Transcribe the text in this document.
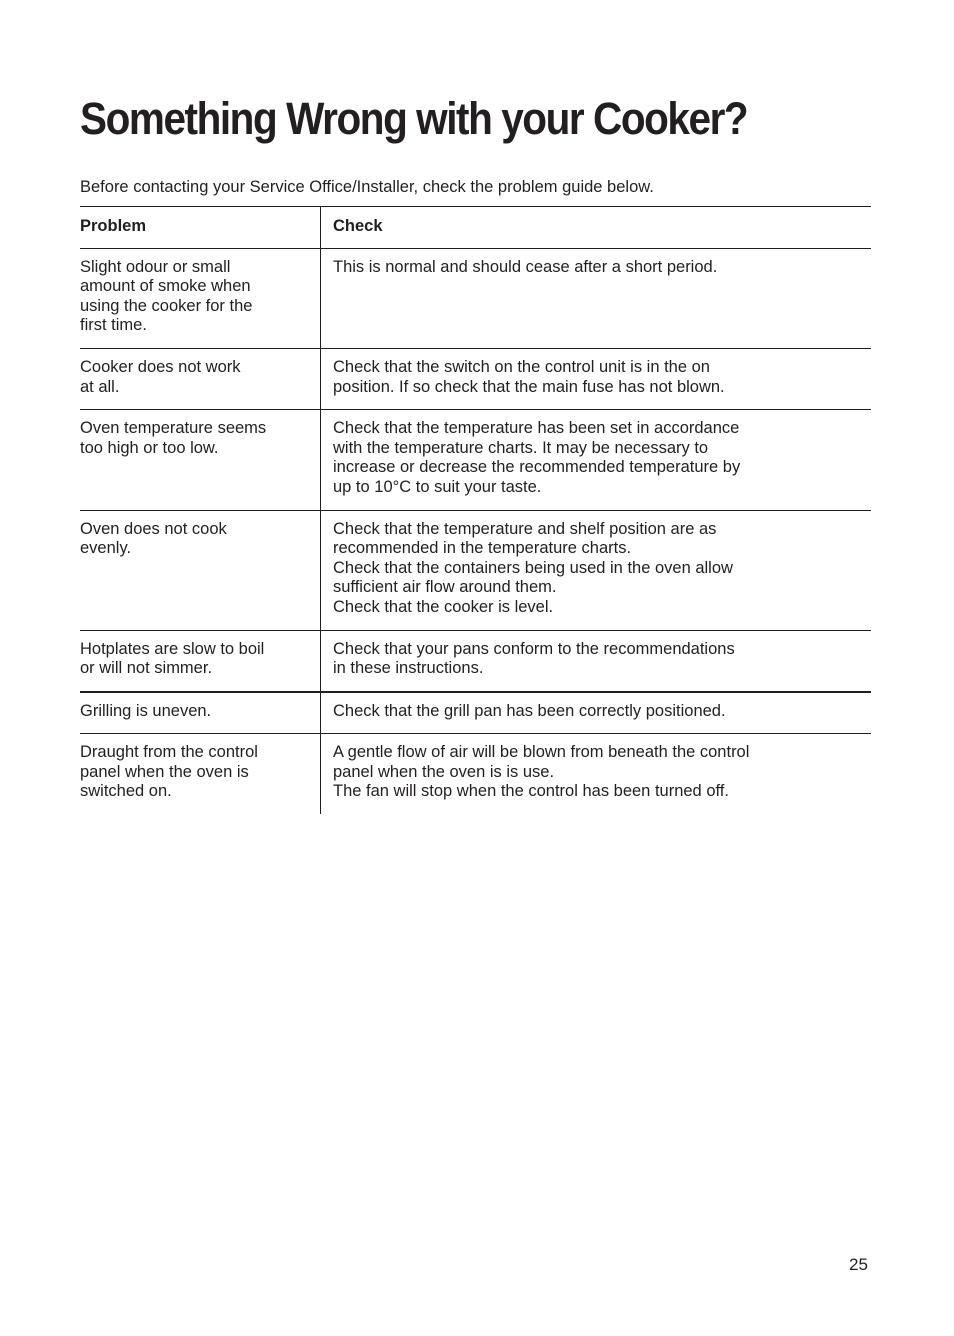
Something Wrong with your Cooker?

Before contacting your Service Office/Installer, check the problem guide below.

Problem	Check
Slight odour or small
amount of smoke when
using the cooker for the
first time.
This is normal and should cease after a short period.
Cooker does not work
at all.
Check that the switch on the control unit is in the on
position. If so check that the main fuse has not blown.
Oven temperature seems
too high or too low.
Check that the temperature has been set in accordance
with the temperature charts. It may be necessary to
increase or decrease the recommended temperature by
up to 10°C to suit your taste.
Oven does not cook
evenly.
Check that the temperature and shelf position are as
recommended in the temperature charts.
Check that the containers being used in the oven allow
sufficient air flow around them.
Check that the cooker is level.
Hotplates are slow to boil
or will not simmer.
Check that your pans conform to the recommendations
in these instructions.
Grilling is uneven.	Check that the grill pan has been correctly positioned.
Draught from the control
panel when the oven is
switched on.
A gentle flow of air will be blown from beneath the control
panel when the oven is is use.
The fan will stop when the control has been turned off.
25
